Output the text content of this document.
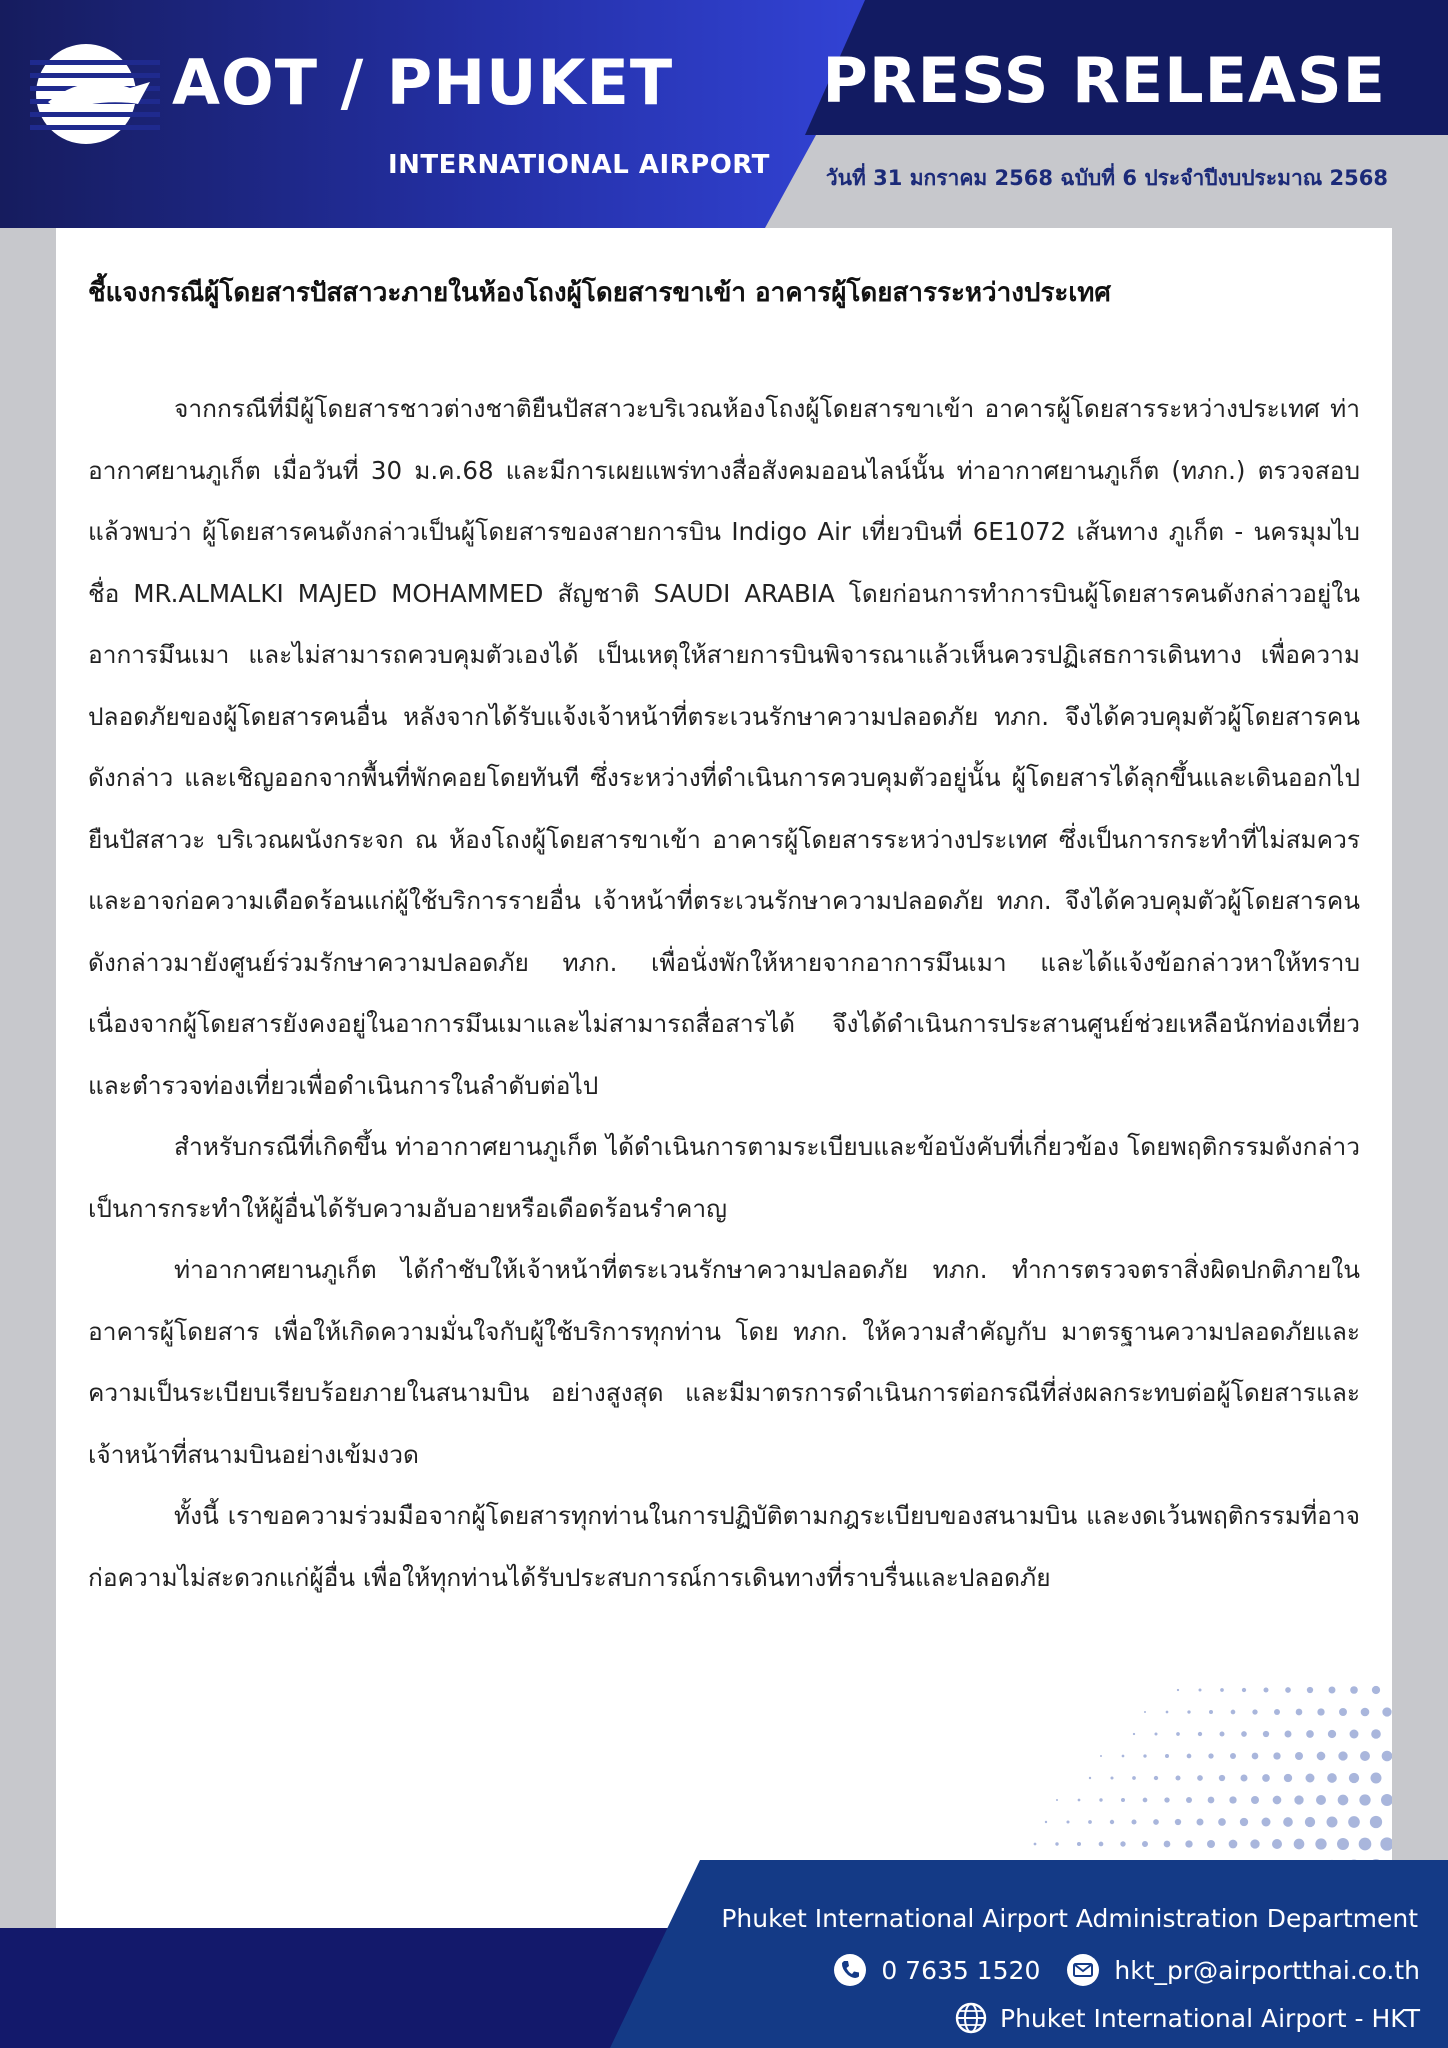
AOT / PHUKET
INTERNATIONAL AIRPORT
PRESS RELEASE
วันที่ 31 มกราคม 2568 ฉบับที่ 6 ประจำปีงบประมาณ 2568
ชี้แจงกรณีผู้โดยสารปัสสาวะภายในห้องโถงผู้โดยสารขาเข้า อาคารผู้โดยสารระหว่างประเทศ

จากกรณีที่มีผู้โดยสารชาวต่างชาติยืนปัสสาวะบริเวณห้องโถงผู้โดยสารขาเข้า อาคารผู้โดยสารระหว่างประเทศ ท่าอากาศยานภูเก็ต เมื่อวันที่ 30 ม.ค.68 และมีการเผยแพร่ทางสื่อสังคมออนไลน์นั้น ท่าอากาศยานภูเก็ต (ทภก.) ตรวจสอบแล้วพบว่า ผู้โดยสารคนดังกล่าวเป็นผู้โดยสารของสายการบิน Indigo Air เที่ยวบินที่ 6E1072 เส้นทาง ภูเก็ต - นครมุมไบ ชื่อ MR.ALMALKI MAJED MOHAMMED สัญชาติ SAUDI ARABIA โดยก่อนการทำการบินผู้โดยสารคนดังกล่าวอยู่ในอาการมึนเมา และไม่สามารถควบคุมตัวเองได้ เป็นเหตุให้สายการบินพิจารณาแล้วเห็นควรปฏิเสธการเดินทาง เพื่อความปลอดภัยของผู้โดยสารคนอื่น หลังจากได้รับแจ้งเจ้าหน้าที่ตระเวนรักษาความปลอดภัย ทภก. จึงได้ควบคุมตัวผู้โดยสารคนดังกล่าว และเชิญออกจากพื้นที่พักคอยโดยทันที ซึ่งระหว่างที่ดำเนินการควบคุมตัวอยู่นั้น ผู้โดยสารได้ลุกขึ้นและเดินออกไปยืนปัสสาวะ บริเวณผนังกระจก ณ ห้องโถงผู้โดยสารขาเข้า อาคารผู้โดยสารระหว่างประเทศ ซึ่งเป็นการกระทำที่ไม่สมควรและอาจก่อความเดือดร้อนแก่ผู้ใช้บริการรายอื่น เจ้าหน้าที่ตระเวนรักษาความปลอดภัย ทภก. จึงได้ควบคุมตัวผู้โดยสารคนดังกล่าวมายังศูนย์ร่วมรักษาความปลอดภัย ทภก. เพื่อนั่งพักให้หายจากอาการมึนเมา และได้แจ้งข้อกล่าวหาให้ทราบ เนื่องจากผู้โดยสารยังคงอยู่ในอาการมึนเมาและไม่สามารถสื่อสารได้ จึงได้ดำเนินการประสานศูนย์ช่วยเหลือนักท่องเที่ยว และตำรวจท่องเที่ยวเพื่อดำเนินการในลำดับต่อไป

สำหรับกรณีที่เกิดขึ้น ท่าอากาศยานภูเก็ต ได้ดำเนินการตามระเบียบและข้อบังคับที่เกี่ยวข้อง โดยพฤติกรรมดังกล่าวเป็นการกระทำให้ผู้อื่นได้รับความอับอายหรือเดือดร้อนรำคาญ

ท่าอากาศยานภูเก็ต ได้กำชับให้เจ้าหน้าที่ตระเวนรักษาความปลอดภัย ทภก. ทำการตรวจตราสิ่งผิดปกติภายในอาคารผู้โดยสาร เพื่อให้เกิดความมั่นใจกับผู้ใช้บริการทุกท่าน โดย ทภก. ให้ความสำคัญกับ มาตรฐานความปลอดภัยและความเป็นระเบียบเรียบร้อยภายในสนามบิน อย่างสูงสุด และมีมาตรการดำเนินการต่อกรณีที่ส่งผลกระทบต่อผู้โดยสารและเจ้าหน้าที่สนามบินอย่างเข้มงวด

ทั้งนี้ เราขอความร่วมมือจากผู้โดยสารทุกท่านในการปฏิบัติตามกฎระเบียบของสนามบิน และงดเว้นพฤติกรรมที่อาจก่อความไม่สะดวกแก่ผู้อื่น เพื่อให้ทุกท่านได้รับประสบการณ์การเดินทางที่ราบรื่นและปลอดภัย

Phuket International Airport Administration Department
0 7635 1520	hkt_pr@airportthai.co.th
Phuket International Airport - HKT
